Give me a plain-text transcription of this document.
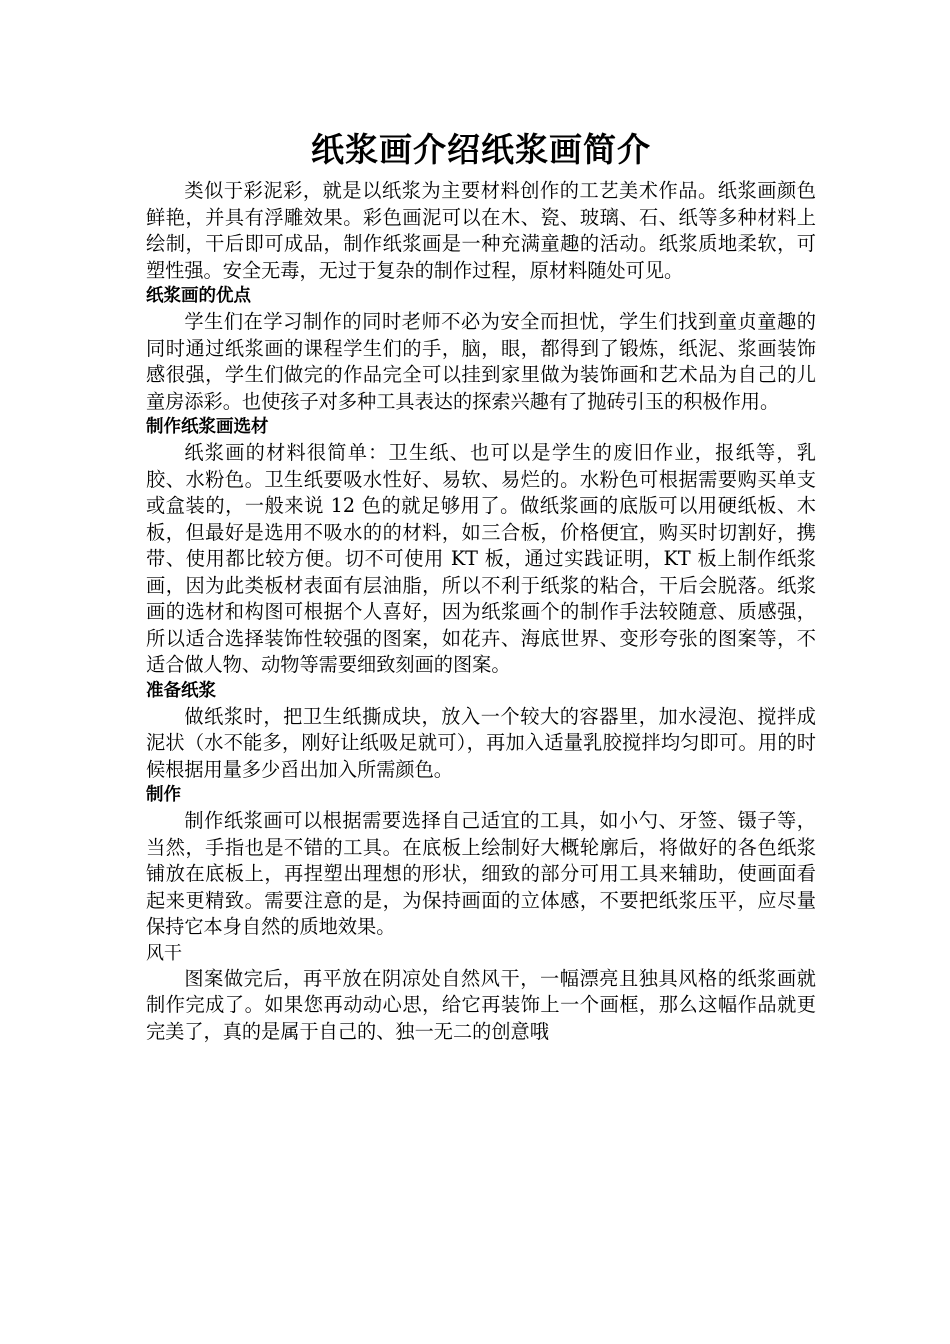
纸浆画介绍纸浆画简介

类似于彩泥彩，就是以纸浆为主要材料创作的工艺美术作品。纸浆画颜色鲜艳，并具有浮雕效果。彩色画泥可以在木、瓷、玻璃、石、纸等多种材料上绘制，干后即可成品，制作纸浆画是一种充满童趣的活动。纸浆质地柔软，可塑性强。安全无毒，无过于复杂的制作过程，原材料随处可见。

纸浆画的优点

学生们在学习制作的同时老师不必为安全而担忧，学生们找到童贞童趣的同时通过纸浆画的课程学生们的手，脑，眼，都得到了锻炼，纸泥、浆画装饰感很强，学生们做完的作品完全可以挂到家里做为装饰画和艺术品为自己的儿童房添彩。也使孩子对多种工具表达的探索兴趣有了抛砖引玉的积极作用。

制作纸浆画选材

纸浆画的材料很简单：卫生纸、也可以是学生的废旧作业，报纸等，乳胶、水粉色。卫生纸要吸水性好、易软、易烂的。水粉色可根据需要购买单支或盒装的，一般来说 12 色的就足够用了。做纸浆画的底版可以用硬纸板、木板，但最好是选用不吸水的的材料，如三合板，价格便宜，购买时切割好，携带、使用都比较方便。切不可使用 KT 板，通过实践证明，KT 板上制作纸浆画，因为此类板材表面有层油脂，所以不利于纸浆的粘合，干后会脱落。纸浆画的选材和构图可根据个人喜好，因为纸浆画个的制作手法较随意、质感强，所以适合选择装饰性较强的图案，如花卉、海底世界、变形夸张的图案等，不适合做人物、动物等需要细致刻画的图案。

准备纸浆

做纸浆时，把卫生纸撕成块，放入一个较大的容器里，加水浸泡、搅拌成泥状（水不能多，刚好让纸吸足就可），再加入适量乳胶搅拌均匀即可。用的时候根据用量多少舀出加入所需颜色。

制作

制作纸浆画可以根据需要选择自己适宜的工具，如小勺、牙签、镊子等，当然，手指也是不错的工具。在底板上绘制好大概轮廓后，将做好的各色纸浆铺放在底板上，再捏塑出理想的形状，细致的部分可用工具来辅助，使画面看起来更精致。需要注意的是，为保持画面的立体感，不要把纸浆压平，应尽量保持它本身自然的质地效果。

风干

图案做完后，再平放在阴凉处自然风干，一幅漂亮且独具风格的纸浆画就制作完成了。如果您再动动心思，给它再装饰上一个画框，那么这幅作品就更完美了，真的是属于自己的、独一无二的创意哦
